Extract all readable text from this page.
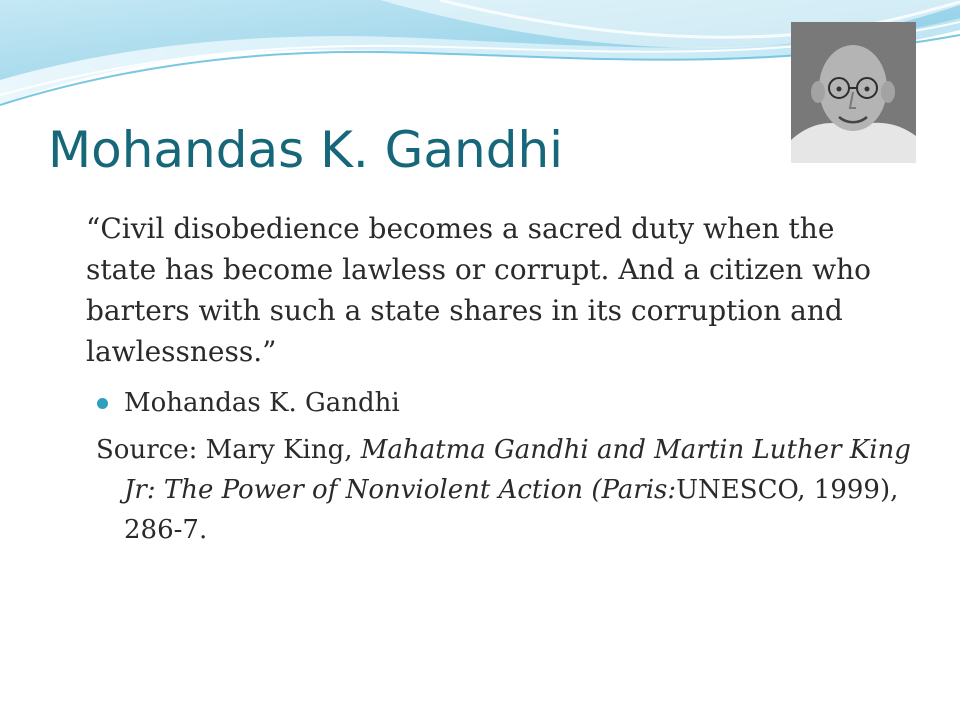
Mohandas K. Gandhi

“Civil disobedience becomes a sacred duty when the state has become lawless or corrupt. And a citizen who barters with such a state shares in its corruption and lawlessness.”

Mohandas K. Gandhi

Source: Mary King, Mahatma Gandhi and Martin Luther King Jr: The Power of Nonviolent Action (Paris:UNESCO, 1999), 286-7.
